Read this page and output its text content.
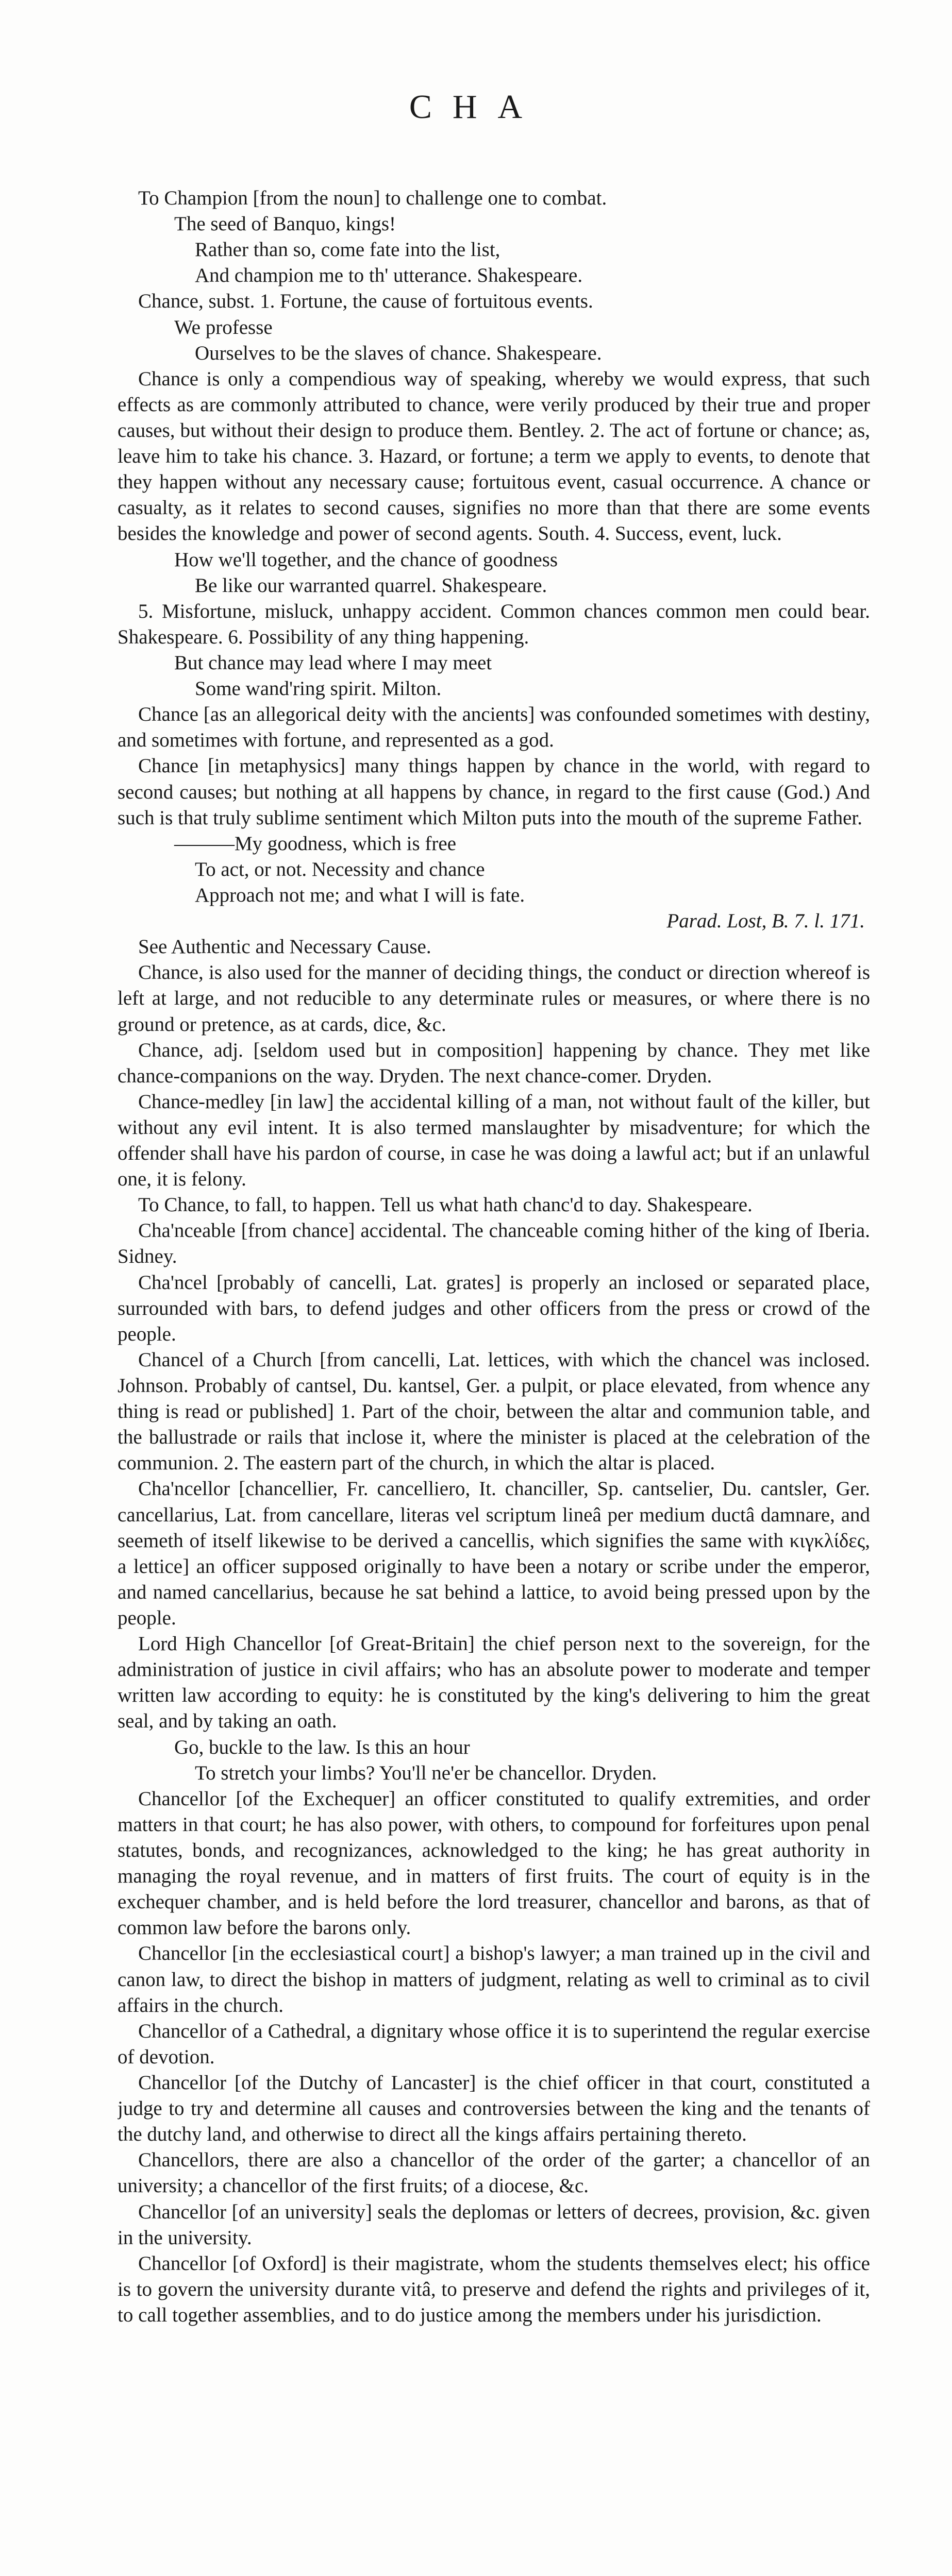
CHA

To Champion [from the noun] to challenge one to combat.

The seed of Banquo, kings!
Rather than so, come fate into the list,
And champion me to th' utterance. Shakespeare.

Chance, subst. 1. Fortune, the cause of fortuitous events.

We professe
Ourselves to be the slaves of chance. Shakespeare.

Chance is only a compendious way of speaking, whereby we would express, that such effects as are commonly attributed to chance, were verily produced by their true and proper causes, but without their design to produce them. Bentley. 2. The act of fortune or chance; as, leave him to take his chance. 3. Hazard, or fortune; a term we apply to events, to denote that they happen without any necessary cause; fortuitous event, casual occurrence. A chance or casualty, as it relates to second causes, signifies no more than that there are some events besides the knowledge and power of second agents. South. 4. Success, event, luck.

How we'll together, and the chance of goodness
Be like our warranted quarrel. Shakespeare.

5. Misfortune, misluck, unhappy accident. Common chances common men could bear. Shakespeare. 6. Possibility of any thing happening.

But chance may lead where I may meet
Some wand'ring spirit. Milton.

Chance [as an allegorical deity with the ancients] was confounded sometimes with destiny, and sometimes with fortune, and represented as a god.

Chance [in metaphysics] many things happen by chance in the world, with regard to second causes; but nothing at all happens by chance, in regard to the first cause (God.) And such is that truly sublime sentiment which Milton puts into the mouth of the supreme Father.

———My goodness, which is free
To act, or not. Necessity and chance
Approach not me; and what I will is fate.

Parad. Lost, B. 7. l. 171.

See Authentic and Necessary Cause.

Chance, is also used for the manner of deciding things, the conduct or direction whereof is left at large, and not reducible to any determinate rules or measures, or where there is no ground or pretence, as at cards, dice, &c.

Chance, adj. [seldom used but in composition] happening by chance. They met like chance-companions on the way. Dryden. The next chance-comer. Dryden.

Chance-medley [in law] the accidental killing of a man, not without fault of the killer, but without any evil intent. It is also termed manslaughter by misadventure; for which the offender shall have his pardon of course, in case he was doing a lawful act; but if an unlawful one, it is felony.

To Chance, to fall, to happen. Tell us what hath chanc'd to day. Shakespeare.

Cha'nceable [from chance] accidental. The chanceable coming hither of the king of Iberia. Sidney.

Cha'ncel [probably of cancelli, Lat. grates] is properly an inclosed or separated place, surrounded with bars, to defend judges and other officers from the press or crowd of the people.

Chancel of a Church [from cancelli, Lat. lettices, with which the chancel was inclosed. Johnson. Probably of cantsel, Du. kantsel, Ger. a pulpit, or place elevated, from whence any thing is read or published] 1. Part of the choir, between the altar and communion table, and the ballustrade or rails that inclose it, where the minister is placed at the celebration of the communion. 2. The eastern part of the church, in which the altar is placed.

Cha'ncellor [chancellier, Fr. cancelliero, It. chanciller, Sp. cantselier, Du. cantsler, Ger. cancellarius, Lat. from cancellare, literas vel scriptum lineâ per medium ductâ damnare, and seemeth of itself likewise to be derived a cancellis, which signifies the same with κιγκλίδες, a lettice] an officer supposed originally to have been a notary or scribe under the emperor, and named cancellarius, because he sat behind a lattice, to avoid being pressed upon by the people.

Lord High Chancellor [of Great-Britain] the chief person next to the sovereign, for the administration of justice in civil affairs; who has an absolute power to moderate and temper written law according to equity: he is constituted by the king's delivering to him the great seal, and by taking an oath.

Go, buckle to the law. Is this an hour
To stretch your limbs? You'll ne'er be chancellor. Dryden.

Chancellor [of the Exchequer] an officer constituted to qualify extremities, and order matters in that court; he has also power, with others, to compound for forfeitures upon penal statutes, bonds, and recognizances, acknowledged to the king; he has great authority in managing the royal revenue, and in matters of first fruits. The court of equity is in the exchequer chamber, and is held before the lord treasurer, chancellor and barons, as that of common law before the barons only.

Chancellor [in the ecclesiastical court] a bishop's lawyer; a man trained up in the civil and canon law, to direct the bishop in matters of judgment, relating as well to criminal as to civil affairs in the church.

Chancellor of a Cathedral, a dignitary whose office it is to superintend the regular exercise of devotion.

Chancellor [of the Dutchy of Lancaster] is the chief officer in that court, constituted a judge to try and determine all causes and controversies between the king and the tenants of the dutchy land, and otherwise to direct all the kings affairs pertaining thereto.

Chancellors, there are also a chancellor of the order of the garter; a chancellor of an university; a chancellor of the first fruits; of a diocese, &c.

Chancellor [of an university] seals the deplomas or letters of decrees, provision, &c. given in the university.

Chancellor [of Oxford] is their magistrate, whom the students themselves elect; his office is to govern the university durante vitâ, to preserve and defend the rights and privileges of it, to call together assemblies, and to do justice among the members under his jurisdiction.
